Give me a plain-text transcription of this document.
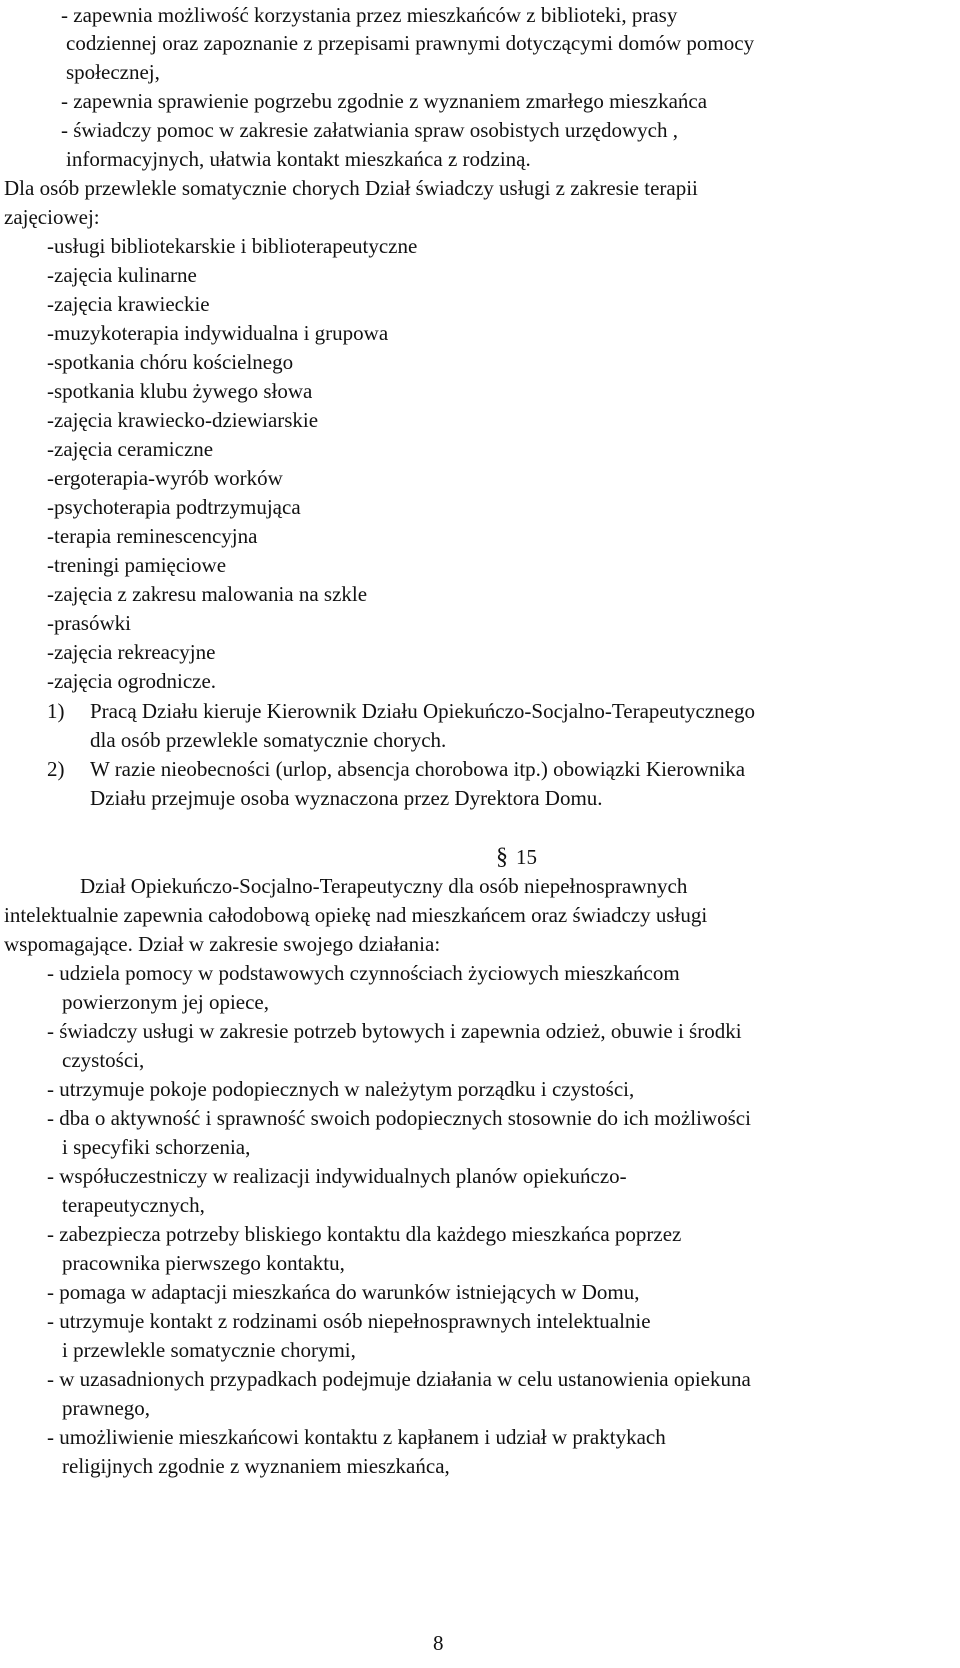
- zapewnia możliwość korzystania przez mieszkańców z biblioteki, prasy
codziennej oraz zapoznanie z przepisami prawnymi dotyczącymi domów pomocy
społecznej,
- zapewnia sprawienie pogrzebu zgodnie z wyznaniem zmarłego mieszkańca
- świadczy pomoc w zakresie załatwiania spraw osobistych urzędowych ,
informacyjnych, ułatwia kontakt mieszkańca z rodziną.
Dla osób przewlekle somatycznie chorych Dział świadczy usługi z zakresie terapii
zajęciowej:
-usługi bibliotekarskie i biblioterapeutyczne
-zajęcia kulinarne
-zajęcia krawieckie
-muzykoterapia indywidualna i grupowa
-spotkania chóru kościelnego
-spotkania klubu żywego słowa
-zajęcia krawiecko-dziewiarskie
-zajęcia ceramiczne
-ergoterapia-wyrób worków
-psychoterapia podtrzymująca
-terapia reminescencyjna
-treningi pamięciowe
-zajęcia z zakresu malowania na szkle
-prasówki
-zajęcia rekreacyjne
-zajęcia ogrodnicze.
1) Pracą Działu kieruje Kierownik Działu Opiekuńczo-Socjalno-Terapeutycznego
dla osób przewlekle somatycznie chorych.
2) W razie nieobecności (urlop, absencja chorobowa itp.) obowiązki Kierownika
Działu przejmuje osoba wyznaczona przez Dyrektora Domu.
§ 15
Dział Opiekuńczo-Socjalno-Terapeutyczny dla osób niepełnosprawnych
intelektualnie zapewnia całodobową opiekę nad mieszkańcem oraz świadczy usługi
wspomagające. Dział w zakresie swojego działania:
- udziela pomocy w podstawowych czynnościach życiowych mieszkańcom
powierzonym jej opiece,
- świadczy usługi w zakresie potrzeb bytowych i zapewnia odzież, obuwie i środki
czystości,
- utrzymuje pokoje podopiecznych w należytym porządku i czystości,
- dba o aktywność i sprawność swoich podopiecznych stosownie do ich możliwości
i specyfiki schorzenia,
- współuczestniczy w realizacji indywidualnych planów opiekuńczo-
terapeutycznych,
- zabezpiecza potrzeby bliskiego kontaktu dla każdego mieszkańca poprzez
pracownika pierwszego kontaktu,
- pomaga w adaptacji mieszkańca do warunków istniejących w Domu,
- utrzymuje kontakt z rodzinami osób niepełnosprawnych intelektualnie
i przewlekle somatycznie chorymi,
- w uzasadnionych przypadkach podejmuje działania w celu ustanowienia opiekuna
prawnego,
- umożliwienie mieszkańcowi kontaktu z kapłanem i udział w praktykach
religijnych zgodnie z wyznaniem mieszkańca,
8
